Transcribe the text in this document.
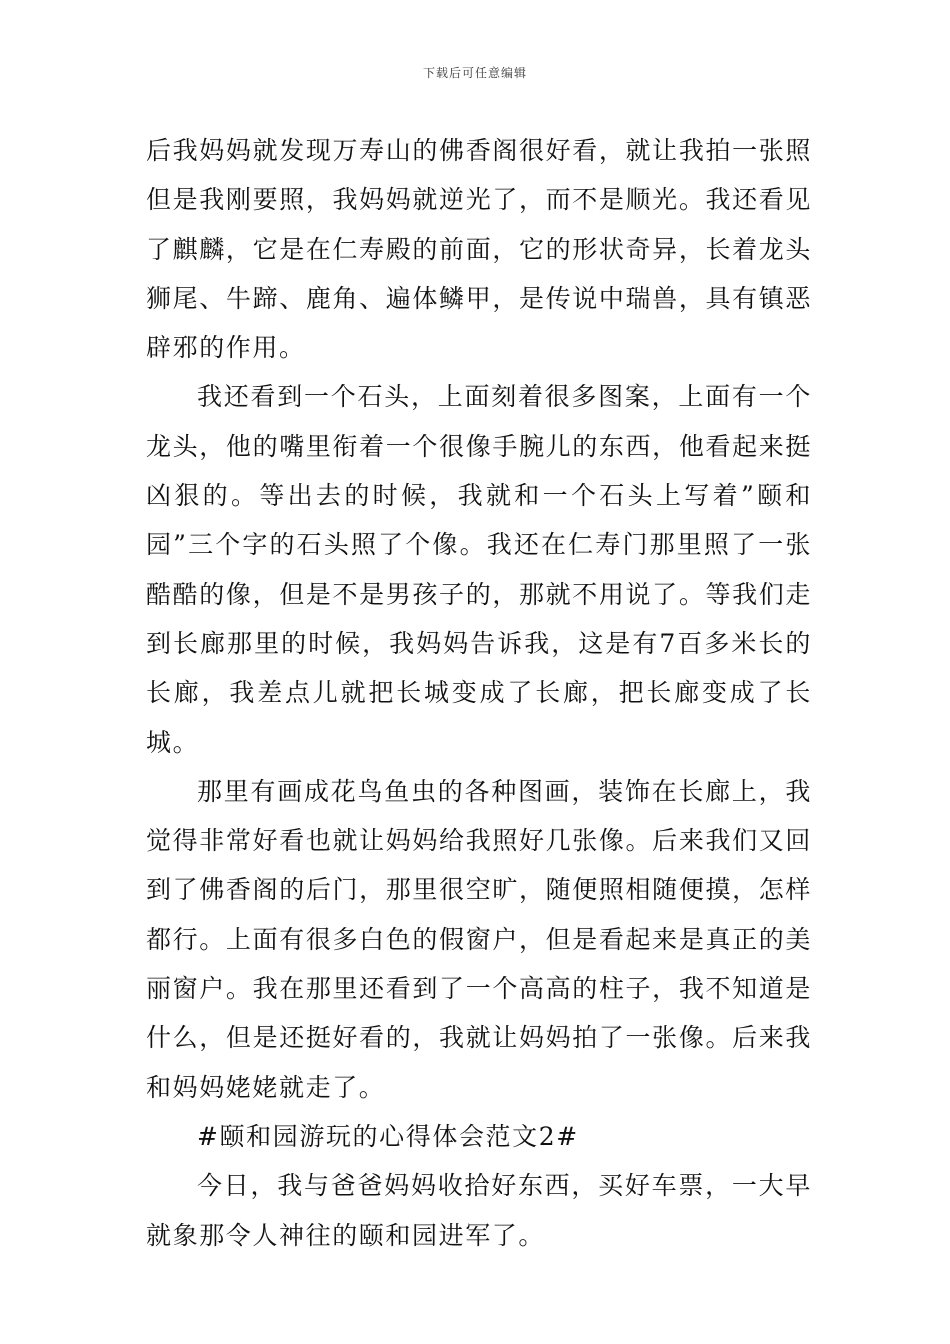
下载后可任意编辑

后我妈妈就发现万寿山的佛香阁很好看，就让我拍一张照但是我刚要照，我妈妈就逆光了，而不是顺光。我还看见了麒麟，它是在仁寿殿的前面，它的形状奇异，长着龙头狮尾、牛蹄、鹿角、遍体鳞甲，是传说中瑞兽，具有镇恶辟邪的作用。

我还看到一个石头，上面刻着很多图案，上面有一个龙头，他的嘴里衔着一个很像手腕儿的东西，他看起来挺凶狠的。等出去的时候，我就和一个石头上写着”颐和园”三个字的石头照了个像。我还在仁寿门那里照了一张酷酷的像，但是不是男孩子的，那就不用说了。等我们走到长廊那里的时候，我妈妈告诉我，这是有7百多米长的长廊，我差点儿就把长城变成了长廊，把长廊变成了长城。

那里有画成花鸟鱼虫的各种图画，装饰在长廊上，我觉得非常好看也就让妈妈给我照好几张像。后来我们又回到了佛香阁的后门，那里很空旷，随便照相随便摸，怎样都行。上面有很多白色的假窗户，但是看起来是真正的美丽窗户。我在那里还看到了一个高高的柱子，我不知道是什么，但是还挺好看的，我就让妈妈拍了一张像。后来我和妈妈姥姥就走了。

#颐和园游玩的心得体会范文2#

今日，我与爸爸妈妈收拾好东西，买好车票，一大早就象那令人神往的颐和园进军了。
